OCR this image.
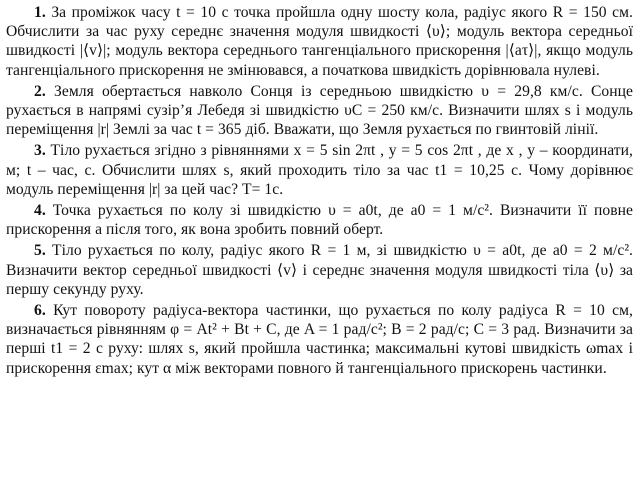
1. За проміжок часу t = 10 с точка пройшла одну шосту кола, радіус якого R = 150 см. Обчислити за час руху середнє значення модуля швидкості ⟨υ⟩; модуль вектора середньої швидкості |⟨v⟩|; модуль вектора середнього тангенціального прискорення |⟨aτ⟩|, якщо модуль тангенціального прискорення не змінювався, а початкова швидкість дорівнювала нулеві.

2. Земля обертається навколо Сонця із середньою швидкістю υ = 29,8 км/с. Сонце рухається в напрямі сузір’я Лебедя зі швидкістю υC = 250 км/с. Визначити шлях s і модуль переміщення |r| Землі за час t = 365 діб. Вважати, що Земля рухається по гвинтовій лінії.

3. Тіло рухається згідно з рівняннями x = 5 sin 2πt , y = 5 cos 2πt , де x , y – координати, м; t – час, с. Обчислити шлях s, який проходить тіло за час t1 = 10,25 с. Чому дорівнює модуль переміщення |r| за цей час? T= 1c.

4. Точка рухається по колу зі швидкістю υ = a0t, де a0 = 1 м/с². Визначити її повне прискорення a після того, як вона зробить повний оберт.

5. Тіло рухається по колу, радіус якого R = 1 м, зі швидкістю υ = a0t, де a0 = 2 м/с². Визначити вектор середньої швидкості ⟨v⟩ і середнє значення модуля швидкості тіла ⟨υ⟩ за першу секунду руху.

6. Кут повороту радіуса-вектора частинки, що рухається по колу радіуса R = 10 см, визначається рівнянням φ = At² + Bt + C, де A = 1 рад/с²; B = 2 рад/с; C = 3 рад. Визначити за перші t1 = 2 с руху: шлях s, який пройшла частинка; максимальні кутові швидкість ωmax і прискорення εmax; кут α між векторами повного й тангенціального прискорень частинки.
